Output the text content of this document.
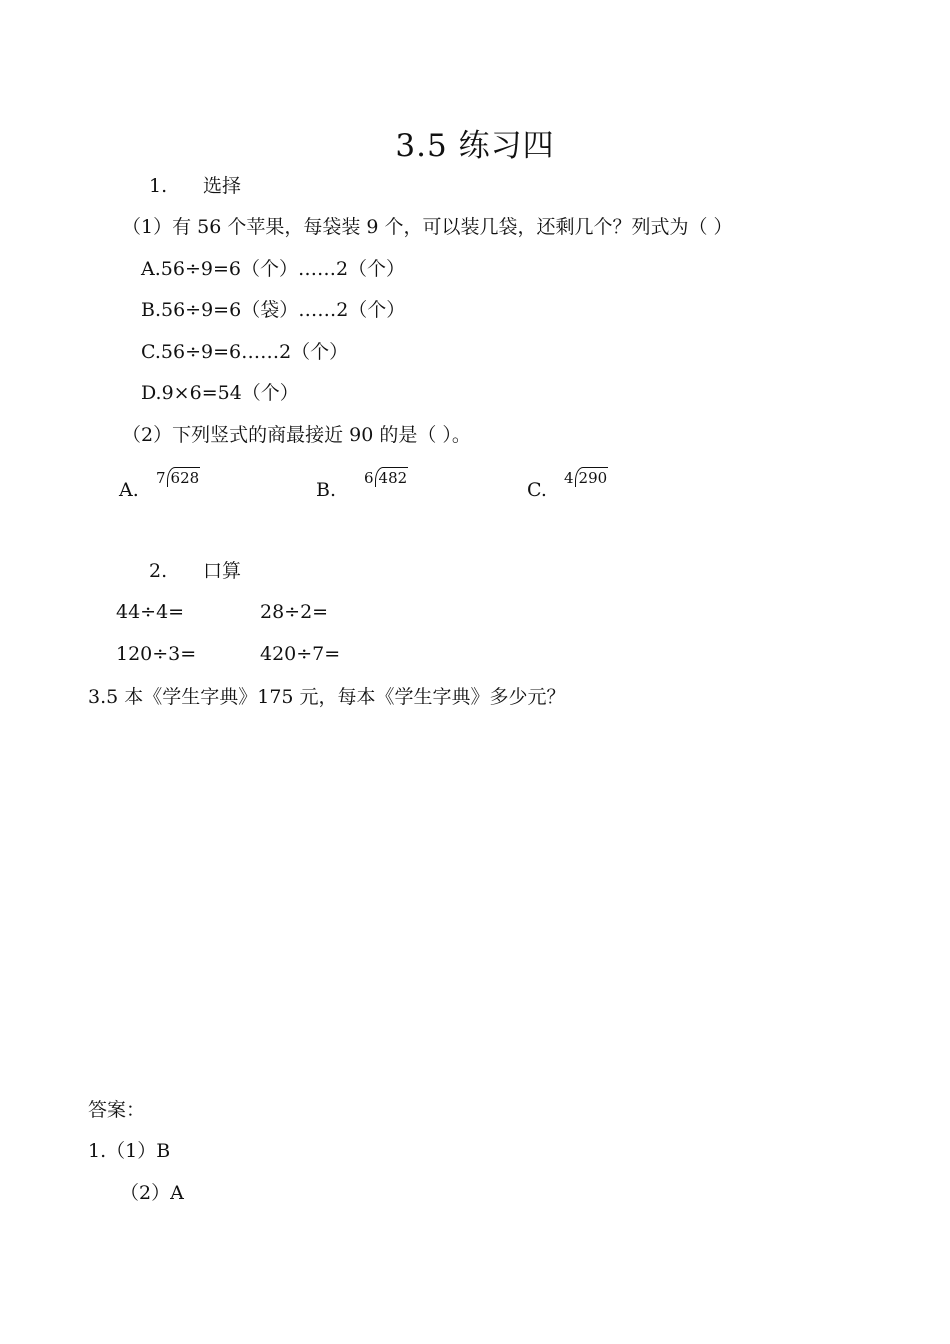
3.5 练习四
1. 选择
（1）有 56 个苹果，每袋装 9 个，可以装几袋，还剩几个？列式为（ ）
A.56÷9=6（个）……2（个）
B.56÷9=6（袋）……2（个）
C.56÷9=6……2（个）
D.9×6=54（个）
（2）下列竖式的商最接近 90 的是（ ）。
A.
7 628
B.
6 482
C.
4 290
2. 口算
44÷4=	28÷2=
120÷3=	420÷7=
3.5 本《学生字典》175 元，每本《学生字典》多少元？
答案：
1.（1）B
（2）A
